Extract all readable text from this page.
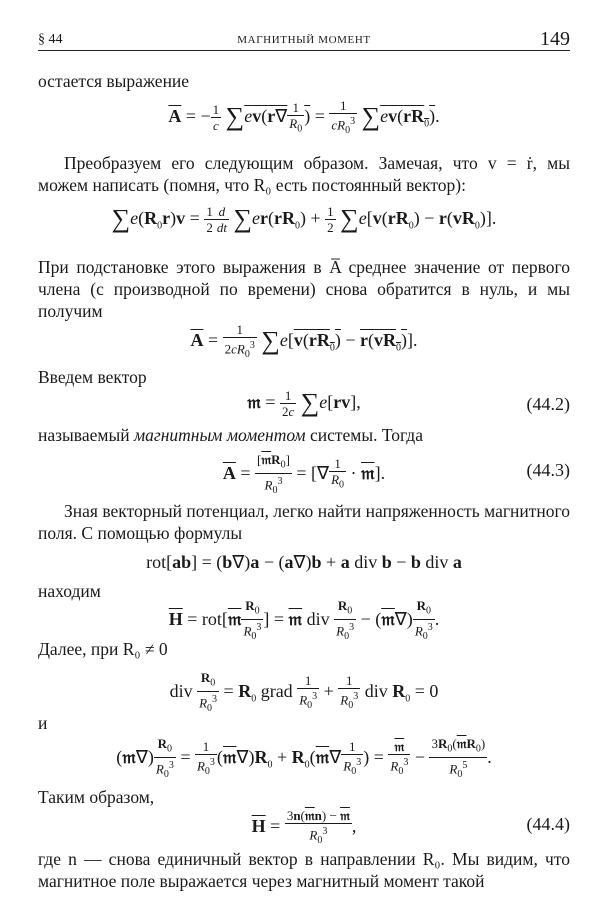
§ 44	МАГНИТНЫЙ МОМЕНТ	149
остается выражение
$\overline{A}$ = − $\frac{1}{c} \sum ev(r\nabla \frac{1}{R_0}$ ) = $\frac{1}{cR_0^3} \sum ev(rR_0)$.
Преобразуем его следующим образом. Замечая, что v = ṙ, мы можем написать (помня, что R₀ есть постоянный вектор):
$\sum e(R_0r)v = \frac{1}{2} \frac{d}{dt} \sum er(rR_0) + \frac{1}{2} \sum e[v(rR_0) - r(vR_0)]$.
При подстановке этого выражения в A̅ среднее значение от первого члена (с производной по времени) снова обратится в нуль, и мы получим
$\overline{A} = \frac{1}{2cR_0^3} \sum e[v(rR_0) - r(vR_0)]$.
Введем вектор
𝔪 = $\frac{1}{2c} \sum e[rv]$,	(44.2)
называемый магнитным моментом системы. Тогда
$\overline{A} = \frac{[𝔪R_0]}{R_0^3}$ = [∇ $\frac{1}{R_0}$ · 𝔪].	(44.3)
Зная векторный потенциал, легко найти напряженность магнитного поля. С помощью формулы
rot[ab] = (b∇)a − (a∇)b + a div b − b div a
находим
$\overline{H}$ = rot[𝔪 $\frac{R_0}{R_0^3}$ ] = 𝔪 div $\frac{R_0}{R_0^3}$ − (𝔪∇) $\frac{R_0}{R_0^3}$ .
Далее, при R₀ ≠ 0
div $\frac{R_0}{R_0^3} = R_0$ grad $\frac{1}{R_0^3} + \frac{1}{R_0^3}$ div $R_0 = 0$
и
(𝔪∇) $\frac{R_0}{R_0^3} = \frac{1}{R_0^3}$ $(𝔪\nabla)R_0$ + $R_0(𝔪\nabla \frac{1}{R_0^3}$ ) = $\frac{\text{𝔪}}{R_0^3} - \frac{3R_0(𝔪R_0)}{R_0^5}$ .
Таким образом,
$\overline{H} = \frac{\text{3n(𝔪n) − 𝔪}}{R_0^3}$ ,	(44.4)
где n — снова единичный вектор в направлении R₀. Мы видим, что магнитное поле выражается через магнитный момент такой
